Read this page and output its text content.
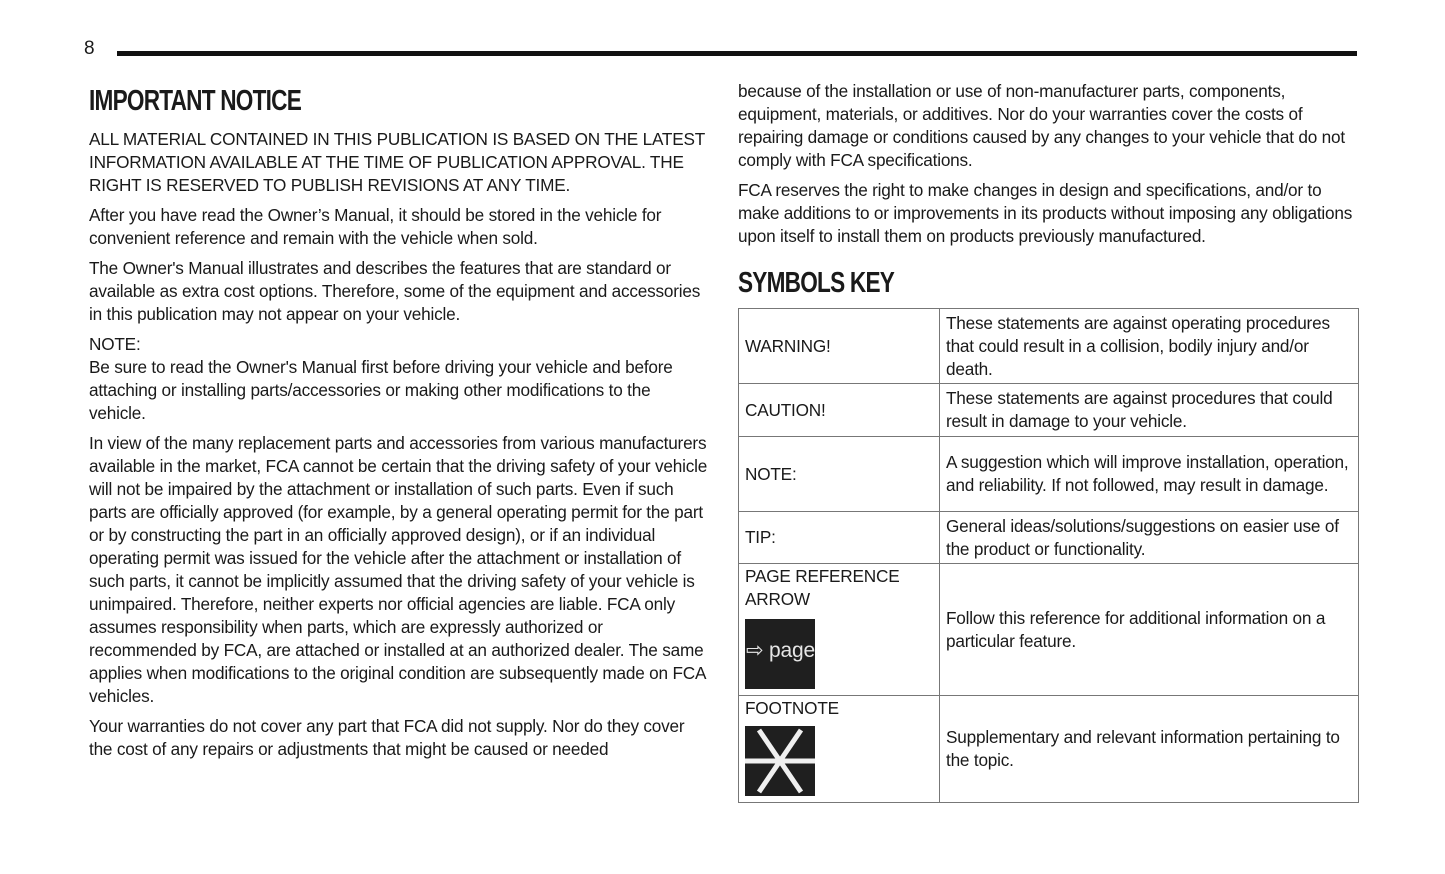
8
IMPORTANT NOTICE

ALL MATERIAL CONTAINED IN THIS PUBLICATION IS BASED ON THE LATEST INFORMATION AVAILABLE AT THE TIME OF PUBLICATION APPROVAL. THE RIGHT IS RESERVED TO PUBLISH REVISIONS AT ANY TIME.

After you have read the Owner’s Manual, it should be stored in the vehicle for convenient reference and remain with the vehicle when sold.

The Owner's Manual illustrates and describes the features that are standard or available as extra cost options. Therefore, some of the equipment and accessories in this publication may not appear on your vehicle.

NOTE:

Be sure to read the Owner's Manual first before driving your vehicle and before attaching or installing parts/accessories or making other modifications to the vehicle.

In view of the many replacement parts and accessories from various manufacturers available in the market, FCA cannot be certain that the driving safety of your vehicle will not be impaired by the attachment or installation of such parts. Even if such parts are officially approved (for example, by a general operating permit for the part or by constructing the part in an officially approved design), or if an individual operating permit was issued for the vehicle after the attachment or installation of such parts, it cannot be implicitly assumed that the driving safety of your vehicle is unimpaired. Therefore, neither experts nor official agencies are liable. FCA only assumes responsibility when parts, which are expressly authorized or recommended by FCA, are attached or installed at an authorized dealer. The same applies when modifications to the original condition are subsequently made on FCA vehicles.

Your warranties do not cover any part that FCA did not supply. Nor do they cover the cost of any repairs or adjustments that might be caused or needed

because of the installation or use of non-manufacturer parts, components, equipment, materials, or additives. Nor do your warranties cover the costs of repairing damage or conditions caused by any changes to your vehicle that do not comply with FCA specifications.

FCA reserves the right to make changes in design and specifications, and/or to make additions to or improvements in its products without imposing any obligations upon itself to install them on products previously manufactured.

SYMBOLS KEY
WARNING!	These statements are against operating procedures that could result in a collision, bodily injury and/or death.
CAUTION!	These statements are against procedures that could result in damage to your vehicle.
NOTE:	A suggestion which will improve installation, operation, and reliability. If not followed, may result in damage.
TIP:	General ideas/solutions/suggestions on easier use of the product or functionality.

PAGE REFERENCE ARROW
⇨ page	Follow this reference for additional information on a particular feature.

FOOTNOTE	Supplementary and relevant information pertaining to the topic.
